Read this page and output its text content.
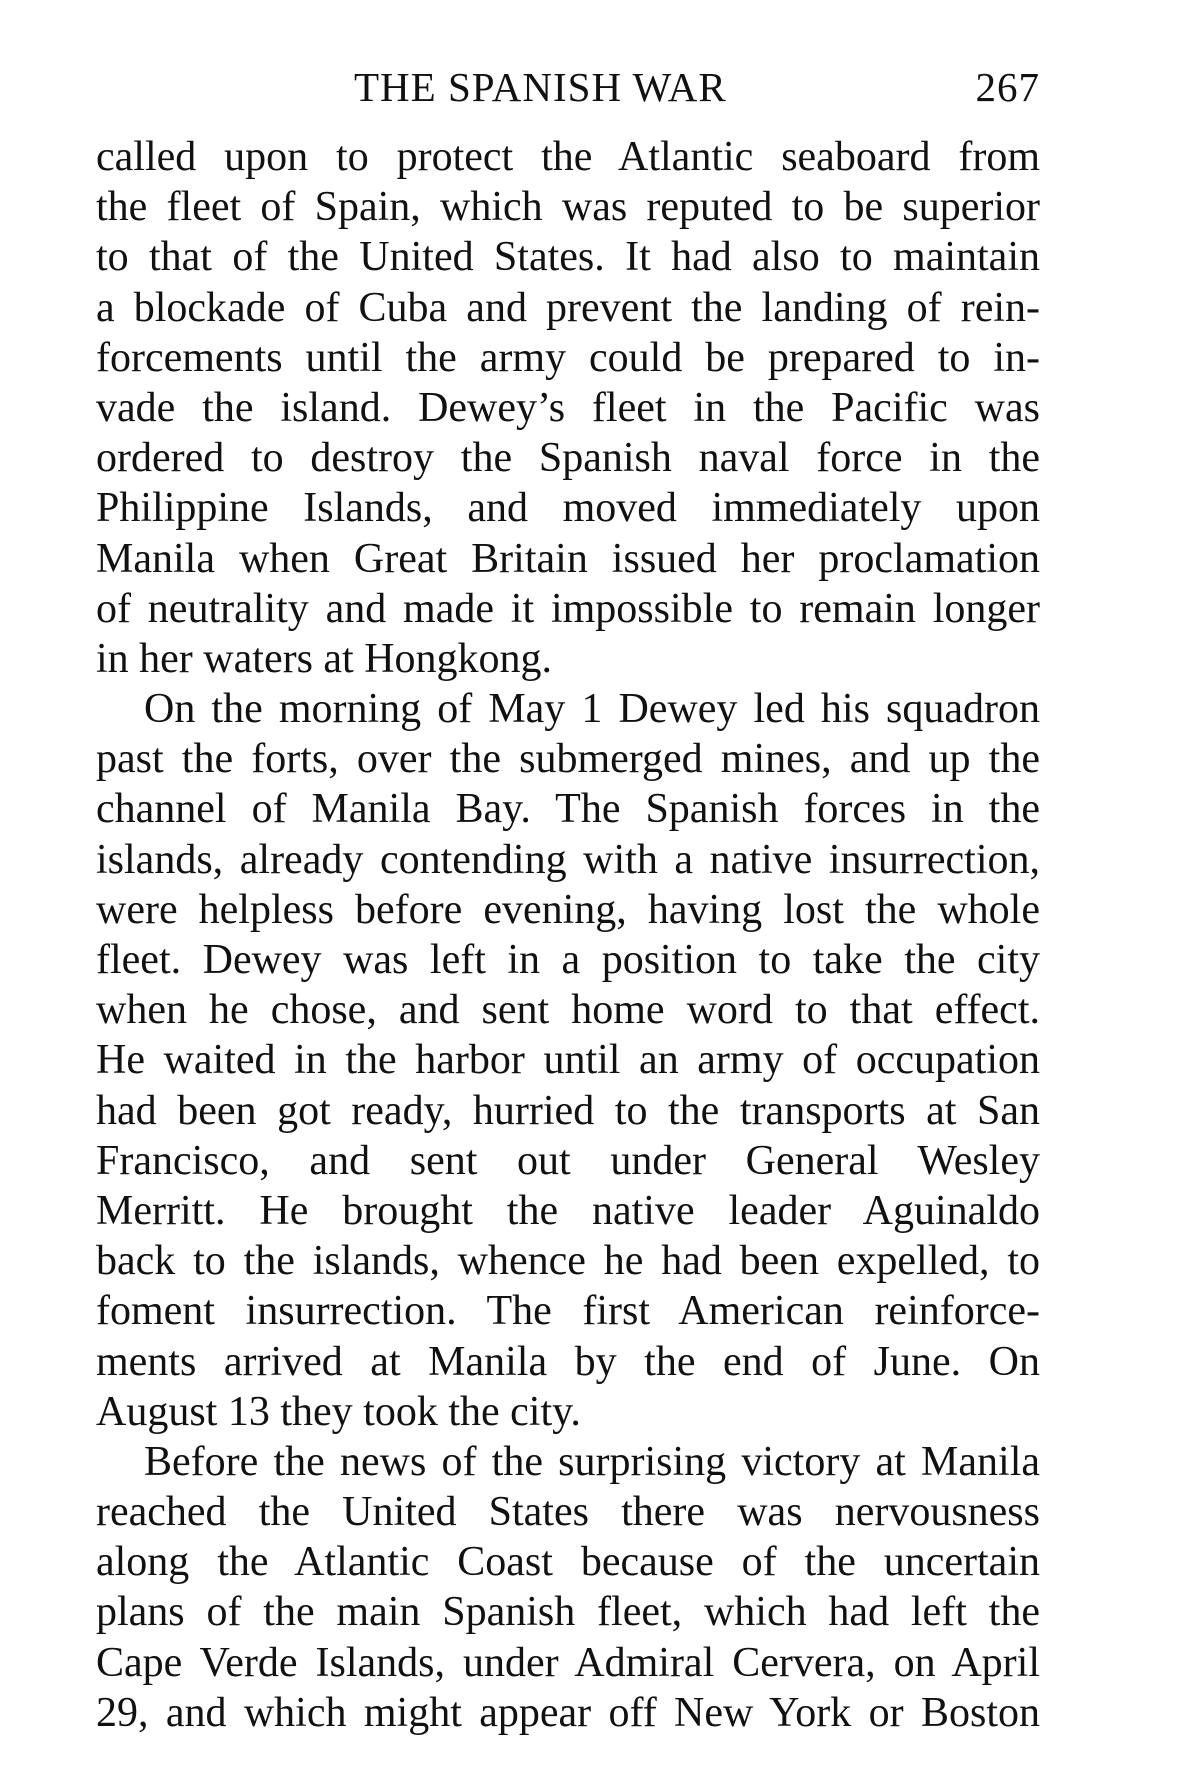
THE SPANISH WAR	267
called upon to protect the Atlantic seaboard from
the fleet of Spain, which was reputed to be superior
to that of the United States. It had also to maintain
a blockade of Cuba and prevent the landing of rein-
forcements until the army could be prepared to in-
vade the island. Dewey’s fleet in the Pacific was
ordered to destroy the Spanish naval force in the
Philippine Islands, and moved immediately upon
Manila when Great Britain issued her proclamation
of neutrality and made it impossible to remain longer
in her waters at Hongkong.
On the morning of May 1 Dewey led his squadron
past the forts, over the submerged mines, and up the
channel of Manila Bay. The Spanish forces in the
islands, already contending with a native insurrection,
were helpless before evening, having lost the whole
fleet. Dewey was left in a position to take the city
when he chose, and sent home word to that effect.
He waited in the harbor until an army of occupation
had been got ready, hurried to the transports at San
Francisco, and sent out under General Wesley
Merritt. He brought the native leader Aguinaldo
back to the islands, whence he had been expelled, to
foment insurrection. The first American reinforce-
ments arrived at Manila by the end of June. On
August 13 they took the city.
Before the news of the surprising victory at Manila
reached the United States there was nervousness
along the Atlantic Coast because of the uncertain
plans of the main Spanish fleet, which had left the
Cape Verde Islands, under Admiral Cervera, on April
29, and which might appear off New York or Boston
